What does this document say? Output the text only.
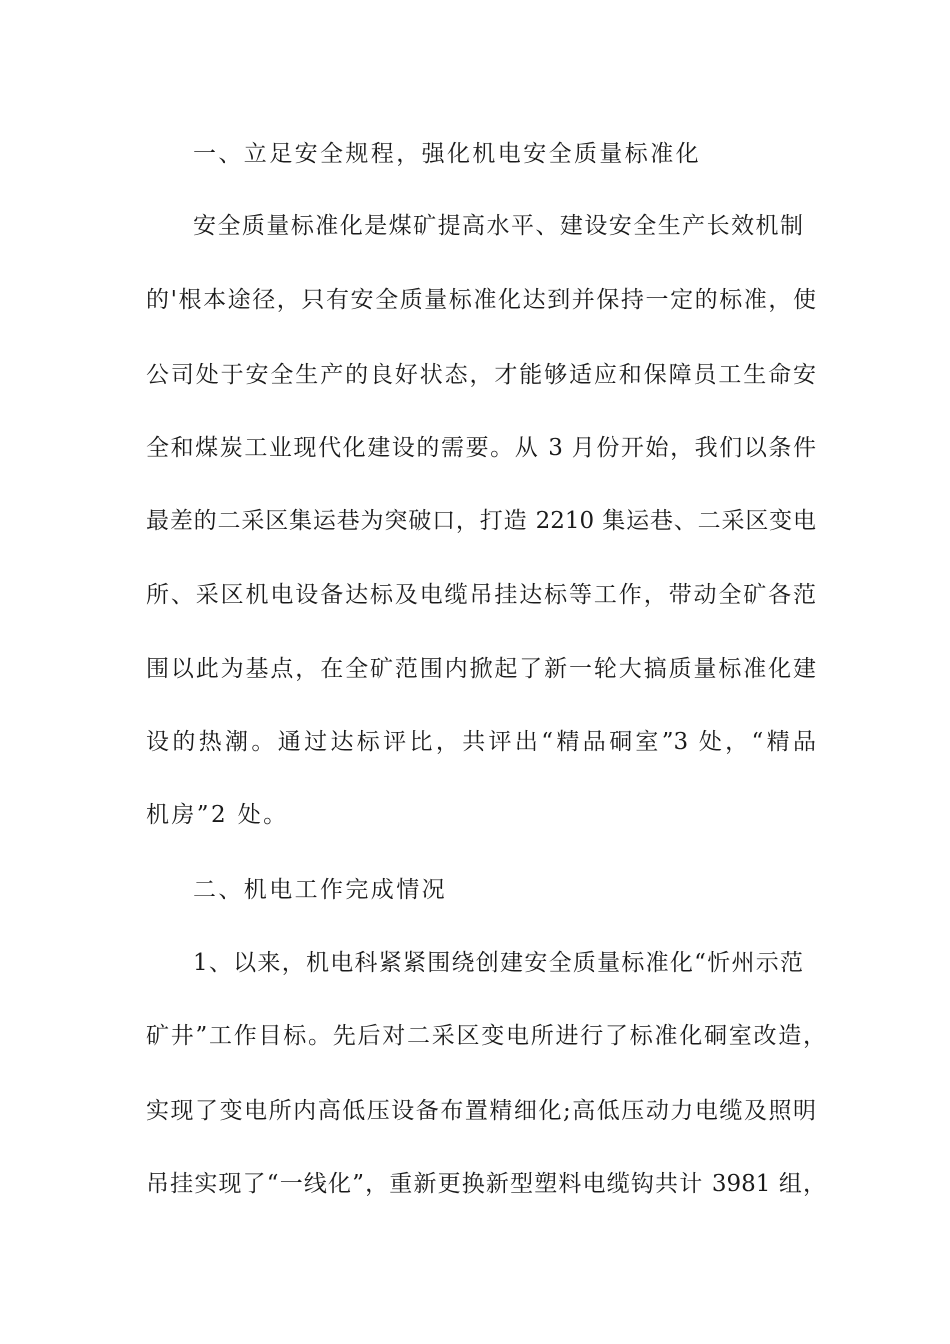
一、立足安全规程，强化机电安全质量标准化
安全质量标准化是煤矿提高水平、建设安全生产长效机制
的'根本途径，只有安全质量标准化达到并保持一定的标准，使
公司处于安全生产的良好状态，才能够适应和保障员工生命安
全和煤炭工业现代化建设的需要。从 3 月份开始，我们以条件
最差的二采区集运巷为突破口，打造 2210 集运巷、二采区变电
所、采区机电设备达标及电缆吊挂达标等工作，带动全矿各范
围以此为基点，在全矿范围内掀起了新一轮大搞质量标准化建
设的热潮。通过达标评比，共评出“精品硐室”3 处，“精品
机房”2 处。
二、机电工作完成情况
1、以来，机电科紧紧围绕创建安全质量标准化“忻州示范
矿井”工作目标。先后对二采区变电所进行了标准化硐室改造，
实现了变电所内高低压设备布置精细化;高低压动力电缆及照明
吊挂实现了“一线化”，重新更换新型塑料电缆钩共计 3981 组，
